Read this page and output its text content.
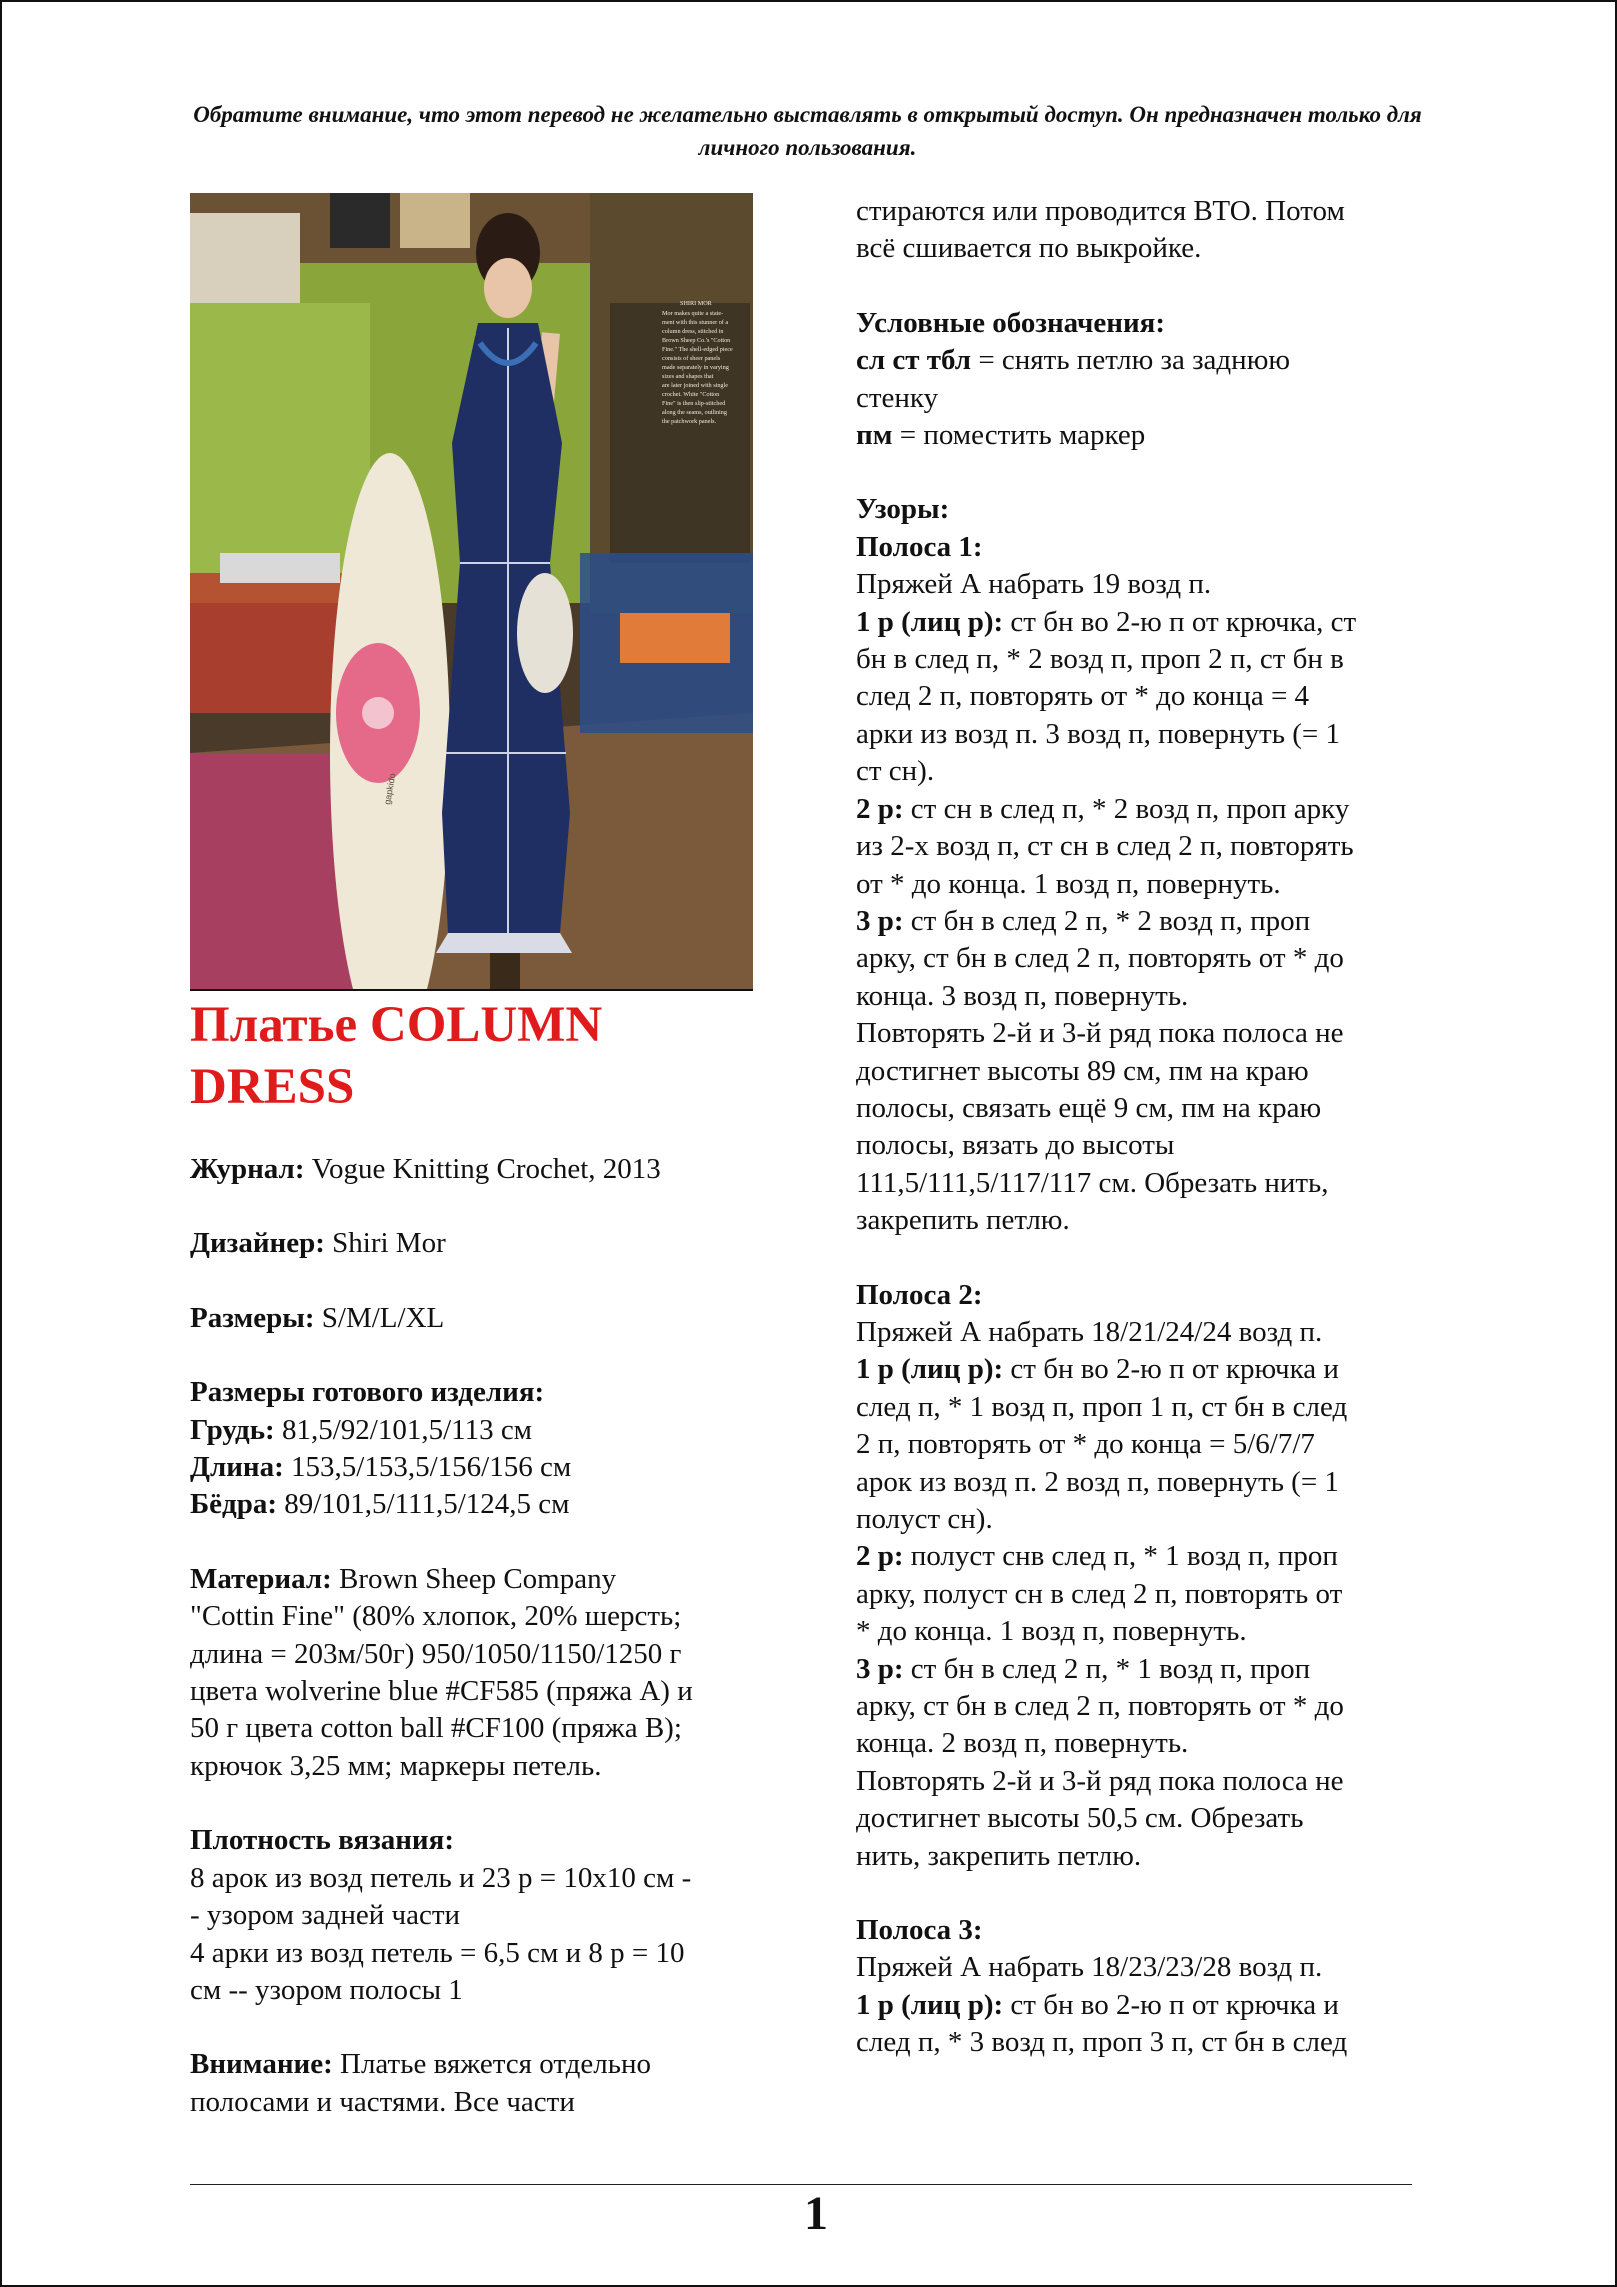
Обратите внимание, что этот перевод не желательно выставлять в открытый доступ. Он предназначен только для личного пользования.
SHIRI MOR
Mor makes quite a state-
ment with this stunner of a
column dress, stitched in
Brown Sheep Co.'s "Cotton
Fine." The shell-edged piece
consists of sheer panels
made separately in varying
sizes and shapes that
are later joined with single
crochet. White "Cotton
Fine" is then slip-stitched
along the seams, outlining
the patchwork panels.
gapkido
Платье COLUMN DRESS

Журнал: Vogue Knitting Crochet, 2013

Дизайнер: Shiri Mor

Размеры: S/M/L/XL

Размеры готового изделия:

Грудь: 81,5/92/101,5/113 см

Длина: 153,5/153,5/156/156 см

Бёдра: 89/101,5/111,5/124,5 см

Материал: Brown Sheep Company

"Cottin Fine" (80% хлопок, 20% шерсть;

длина = 203м/50г) 950/1050/1150/1250 г

цвета wolverine blue #CF585 (пряжа А) и

50 г цвета cotton ball #CF100 (пряжа В);

крючок 3,25 мм; маркеры петель.

Плотность вязания:

8 арок из возд петель и 23 р = 10х10 см -

- узором задней части

4 арки из возд петель = 6,5 см и 8 р = 10

см -- узором полосы 1

Внимание: Платье вяжется отдельно

полосами и частями. Все части

стираются или проводится ВТО. Потом

всё сшивается по выкройке.

Условные обозначения:

сл ст тбл = снять петлю за заднюю

стенку

пм = поместить маркер

Узоры:

Полоса 1:

Пряжей А набрать 19 возд п.

1 р (лиц р): ст бн во 2-ю п от крючка, ст

бн в след п, * 2 возд п, проп 2 п, ст бн в

след 2 п, повторять от * до конца = 4

арки из возд п. 3 возд п, повернуть (= 1

ст сн).

2 р: ст сн в след п, * 2 возд п, проп арку

из 2-х возд п, ст сн в след 2 п, повторять

от * до конца. 1 возд п, повернуть.

3 р: ст бн в след 2 п, * 2 возд п, проп

арку, ст бн в след 2 п, повторять от * до

конца. 3 возд п, повернуть.

Повторять 2-й и 3-й ряд пока полоса не

достигнет высоты 89 см, пм на краю

полосы, связать ещё 9 см, пм на краю

полосы, вязать до высоты

111,5/111,5/117/117 см. Обрезать нить,

закрепить петлю.

Полоса 2:

Пряжей А набрать 18/21/24/24 возд п.

1 р (лиц р): ст бн во 2-ю п от крючка и

след п, * 1 возд п, проп 1 п, ст бн в след

2 п, повторять от * до конца = 5/6/7/7

арок из возд п. 2 возд п, повернуть (= 1

полуст сн).

2 р: полуст снв след п, * 1 возд п, проп

арку, полуст сн в след 2 п, повторять от

* до конца. 1 возд п, повернуть.

3 р: ст бн в след 2 п, * 1 возд п, проп

арку, ст бн в след 2 п, повторять от * до

конца. 2 возд п, повернуть.

Повторять 2-й и 3-й ряд пока полоса не

достигнет высоты 50,5 см. Обрезать

нить, закрепить петлю.

Полоса 3:

Пряжей А набрать 18/23/23/28 возд п.

1 р (лиц р): ст бн во 2-ю п от крючка и

след п, * 3 возд п, проп 3 п, ст бн в след

1
